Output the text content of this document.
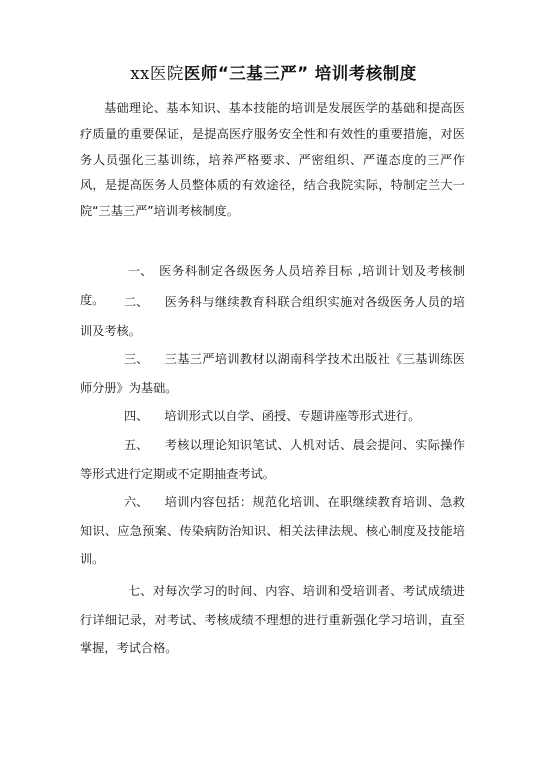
xx医院医师“三基三严” 培训考核制度

基础理论、基本知识、基本技能的培训是发展医学的基础和提高医疗质量的重要保证，是提高医疗服务安全性和有效性的重要措施，对医务人员强化三基训练，培养严格要求、严密组织、严谨态度的三严作风，是提高医务人员整体质的有效途径，结合我院实际，特制定兰大一院“三基三严”培训考核制度。

一、 医务科制定各级医务人员培养目标 ,培训计划及考核制度。	二、 医务科与继续教育科联合组织实施对各级医务人员的培训及考核。

三、 三基三严培训教材以湖南科学技术出版社《三基训练医师分册》为基础。

四、 培训形式以自学、函授、专题讲座等形式进行。

五、 考核以理论知识笔试、人机对话、晨会提问、实际操作等形式进行定期或不定期抽查考试。

六、 培训内容包括：规范化培训、在职继续教育培训、急救知识、应急预案、传染病防治知识、相关法律法规、核心制度及技能培训。

七、对每次学习的时间、内容、培训和受培训者、考试成绩进行详细记录，对考试、考核成绩不理想的进行重新强化学习培训，直至掌握，考试合格。
